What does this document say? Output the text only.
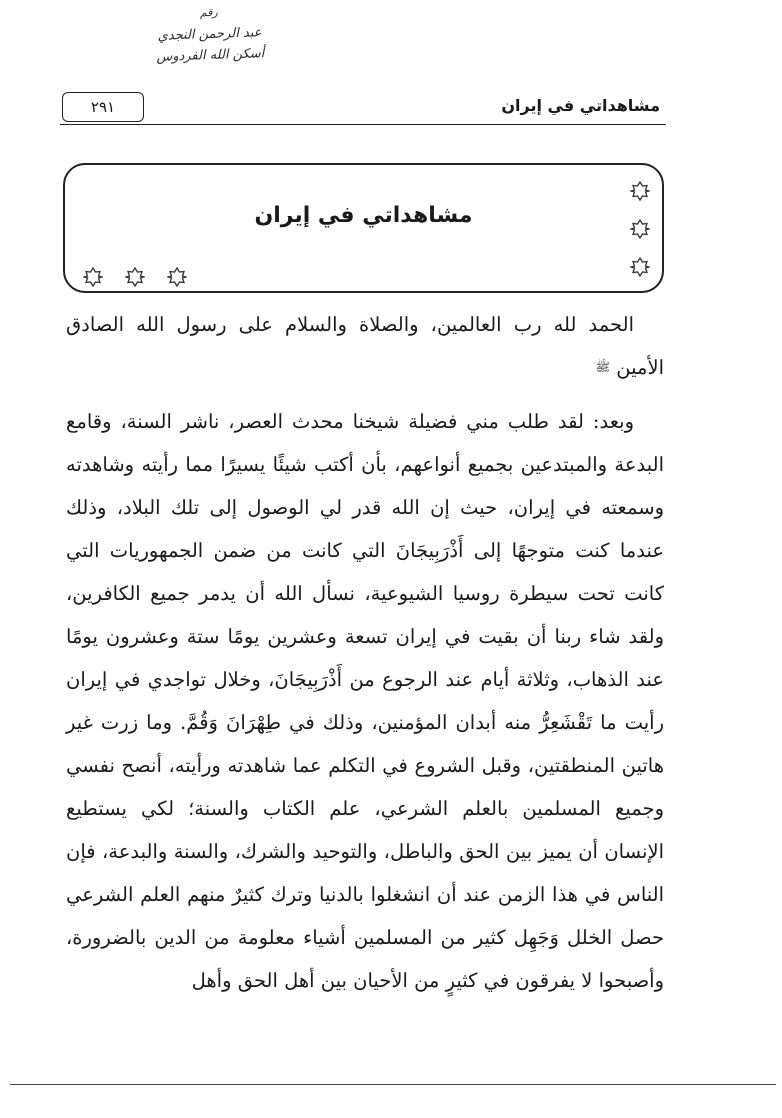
رقم
عبد الرحمن النجدي
أسكن الله الفردوس
مشاهداتي في إيران
٢٩١
مشاهداتي في إيران

الحمد لله رب العالمين، والصلاة والسلام على رسول الله الصادق الأمين ﷺ

وبعد: لقد طلب مني فضيلة شيخنا محدث العصر، ناشر السنة، وقامع البدعة والمبتدعين بجميع أنواعهم، بأن أكتب شيئًا يسيرًا مما رأيته وشاهدته وسمعته في إيران، حيث إن الله قدر لي الوصول إلى تلك البلاد، وذلك عندما كنت متوجهًا إلى أَذْرَبِيجَانَ التي كانت من ضمن الجمهوريات التي كانت تحت سيطرة روسيا الشيوعية، نسأل الله أن يدمر جميع الكافرين، ولقد شاء ربنا أن بقيت في إيران تسعة وعشرين يومًا ستة وعشرون يومًا عند الذهاب، وثلاثة أيام عند الرجوع من أَذْرَبِيجَانَ، وخلال تواجدي في إيران رأيت ما تَقْشَعِرُّ منه أبدان المؤمنين، وذلك في طِهْرَانَ وَقُمَّ. وما زرت غير هاتين المنطقتين، وقبل الشروع في التكلم عما شاهدته ورأيته، أنصح نفسي وجميع المسلمين بالعلم الشرعي، علم الكتاب والسنة؛ لكي يستطيع الإنسان أن يميز بين الحق والباطل، والتوحيد والشرك، والسنة والبدعة، فإن الناس في هذا الزمن عند أن انشغلوا بالدنيا وترك كثيرٌ منهم العلم الشرعي حصل الخلل وَجَهِل كثير من المسلمين أشياء معلومة من الدين بالضرورة، وأصبحوا لا يفرقون في كثيرٍ من الأحيان بين أهل الحق وأهل
